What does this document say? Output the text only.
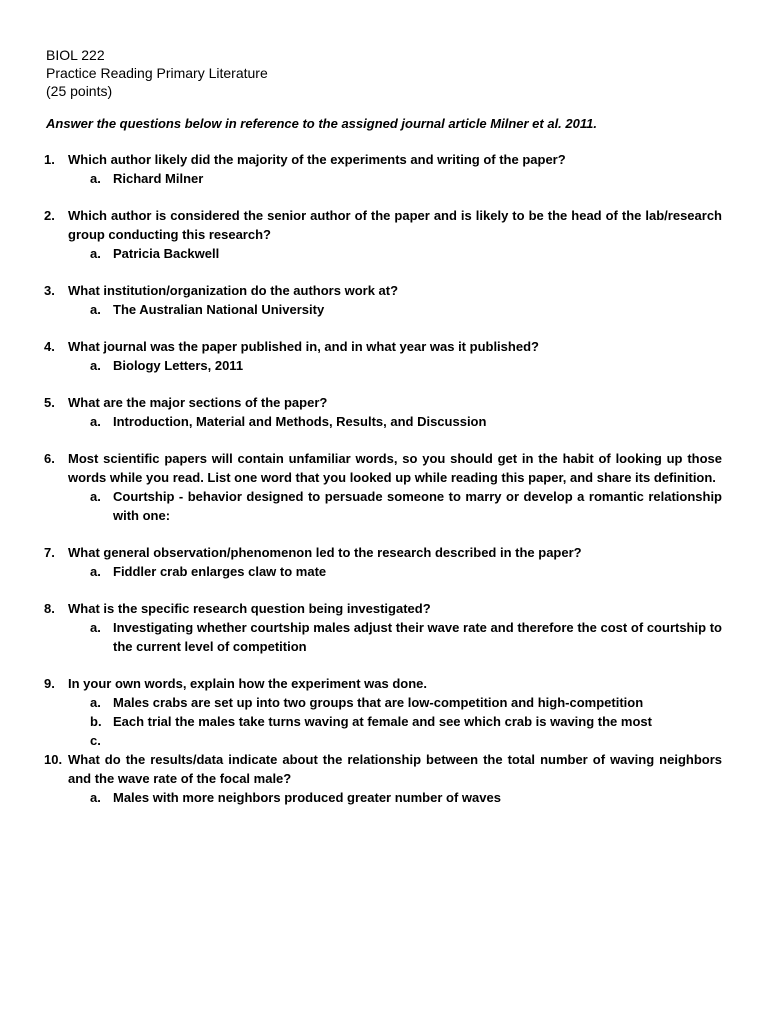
BIOL 222
Practice Reading Primary Literature
(25 points)
Answer the questions below in reference to the assigned journal article Milner et al. 2011.
1. Which author likely did the majority of the experiments and writing of the paper?
a. Richard Milner
2. Which author is considered the senior author of the paper and is likely to be the head of the lab/research group conducting this research?
a. Patricia Backwell
3. What institution/organization do the authors work at?
a. The Australian National University
4. What journal was the paper published in, and in what year was it published?
a. Biology Letters, 2011
5. What are the major sections of the paper?
a. Introduction, Material and Methods, Results, and Discussion
6. Most scientific papers will contain unfamiliar words, so you should get in the habit of looking up those words while you read. List one word that you looked up while reading this paper, and share its definition.
a. Courtship - behavior designed to persuade someone to marry or develop a romantic relationship with one:
7. What general observation/phenomenon led to the research described in the paper?
a. Fiddler crab enlarges claw to mate
8. What is the specific research question being investigated?
a. Investigating whether courtship males adjust their wave rate and therefore the cost of courtship to the current level of competition
9. In your own words, explain how the experiment was done.
a. Males crabs are set up into two groups that are low-competition and high-competition
b. Each trial the males take turns waving at female and see which crab is waving the most
c.
10. What do the results/data indicate about the relationship between the total number of waving neighbors and the wave rate of the focal male?
a. Males with more neighbors produced greater number of waves
